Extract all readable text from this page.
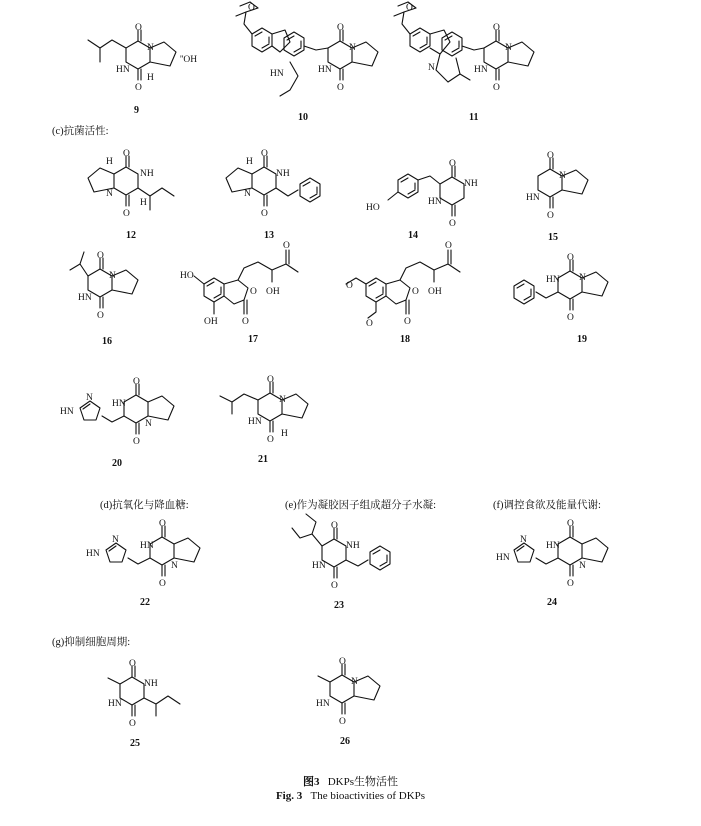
(c)抗菌活性:
(d)抗氧化与降血糖:	(e)作为凝胶因子组成超分子水凝:	(f)调控食欲及能量代谢:
(g)抑制细胞周期:
O
O
N
HN
H
''OH
9
O
O
O
N
HN
HN
10
O
O
O
N
HN
N
11
O
O
NH
N
H
H
12
O
O
NH
N
H
13
HO
O
O
NH
HN
14
O
O
N
HN
15
O
O
N
HN
16
HO
OH	O
O
O
OH
17
O
O	O
O
O
OH
18
O
O
N
HN
19
O
O
N
HN
HN
N
20
O
O
N
HN
H
21
O
O
N
HN
HN
N
22
O
O
NH
HN
23
O
O
N
HN
HN
N
24
O
O
NH
HN
25
O
O
N
HN
26
图3 DKPs生物活性
Fig. 3 The bioactivities of DKPs
